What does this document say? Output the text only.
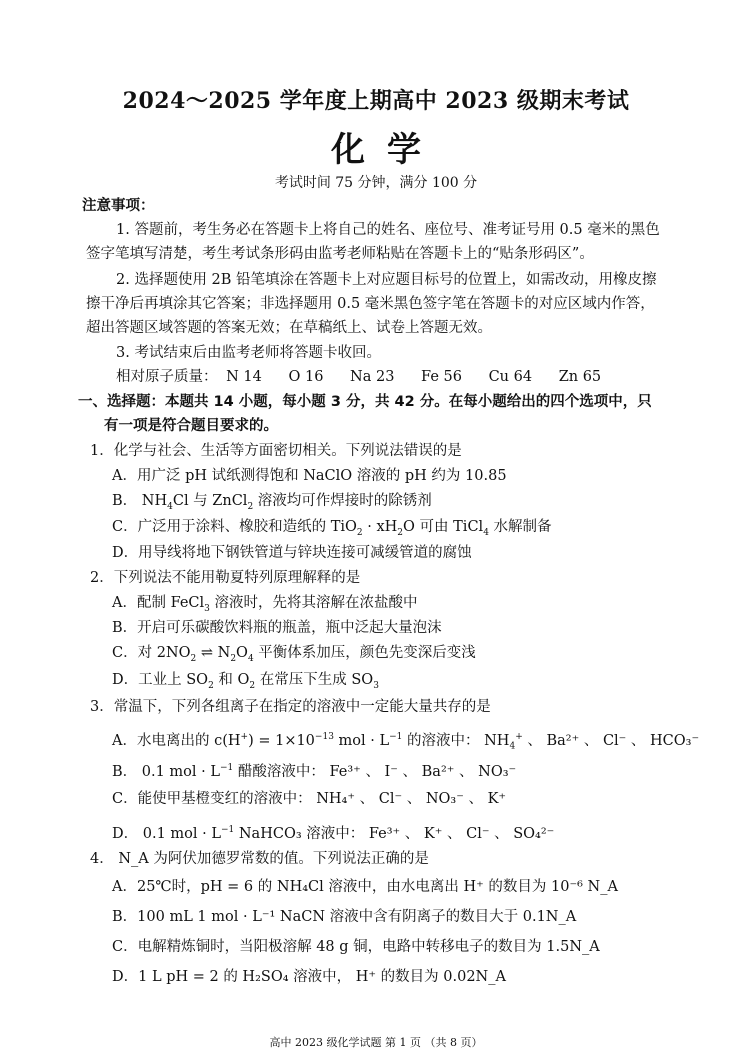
2024～2025 学年度上期高中 2023 级期末考试
化学
考试时间 75 分钟，满分 100 分
注意事项：
1. 答题前，考生务必在答题卡上将自己的姓名、座位号、准考证号用 0.5 毫米的黑色
签字笔填写清楚，考生考试条形码由监考老师粘贴在答题卡上的“贴条形码区”。
2. 选择题使用 2B 铅笔填涂在答题卡上对应题目标号的位置上，如需改动，用橡皮擦
擦干净后再填涂其它答案；非选择题用 0.5 毫米黑色签字笔在答题卡的对应区域内作答，
超出答题区域答题的答案无效；在草稿纸上、试卷上答题无效。
3. 考试结束后由监考老师将答题卡收回。
相对原子质量： N 14 O 16 Na 23 Fe 56 Cu 64 Zn 65
一、选择题：本题共 14 小题，每小题 3 分，共 42 分。在每小题给出的四个选项中，只
有一项是符合题目要求的。
1．化学与社会、生活等方面密切相关。下列说法错误的是
A．用广泛 pH 试纸测得饱和 NaClO 溶液的 pH 约为 10.85
B． $NH_4Cl$ 与 ZnCl$_2$ 溶液均可作焊接时的除锈剂
C．广泛用于涂料、橡胶和造纸的 $TiO_2 \cdot xH_2O$ 可由 TiCl$_4$ 水解制备
D．用导线将地下钢铁管道与锌块连接可减缓管道的腐蚀
2．下列说法不能用勒夏特列原理解释的是
A．配制 FeCl$_3$ 溶液时，先将其溶解在浓盐酸中
B．开启可乐碳酸饮料瓶的瓶盖，瓶中泛起大量泡沫
C．对 $2NO_2$ ⇌ $N_2O_4$ 平衡体系加压，颜色先变深后变浅
D．工业上 $SO_2$ 和 $O_2$ 在常压下生成 $SO_3$
3．常温下，下列各组离子在指定的溶液中一定能大量共存的是
A．水电离出的 $c(H^+) = 1\times 10^{-13}$ mol · $L^{-1}$ 的溶液中： $NH_4^+$ 、 Ba²⁺ 、 Cl⁻ 、 HCO₃⁻
B． 0.1 mol · $L^{-1}$ 醋酸溶液中： Fe³⁺ 、 I⁻ 、 Ba²⁺ 、 NO₃⁻
C．能使甲基橙变红的溶液中： NH₄⁺ 、 Cl⁻ 、 NO₃⁻ 、 K⁺
D． 0.1 mol · $L^{-1}$ NaHCO₃ 溶液中： Fe³⁺ 、 K⁺ 、 Cl⁻ 、 SO₄²⁻
4． N_A 为阿伏加德罗常数的值。下列说法正确的是
A．25℃时，pH = 6 的 NH₄Cl 溶液中，由水电离出 H⁺ 的数目为 10⁻⁶ N_A
B．100 mL 1 mol · L⁻¹ NaCN 溶液中含有阴离子的数目大于 0.1N_A
C．电解精炼铜时，当阳极溶解 48 g 铜，电路中转移电子的数目为 1.5N_A
D．1 L pH = 2 的 H₂SO₄ 溶液中， H⁺ 的数目为 0.02N_A
高中 2023 级化学试题 第 1 页 （共 8 页）
